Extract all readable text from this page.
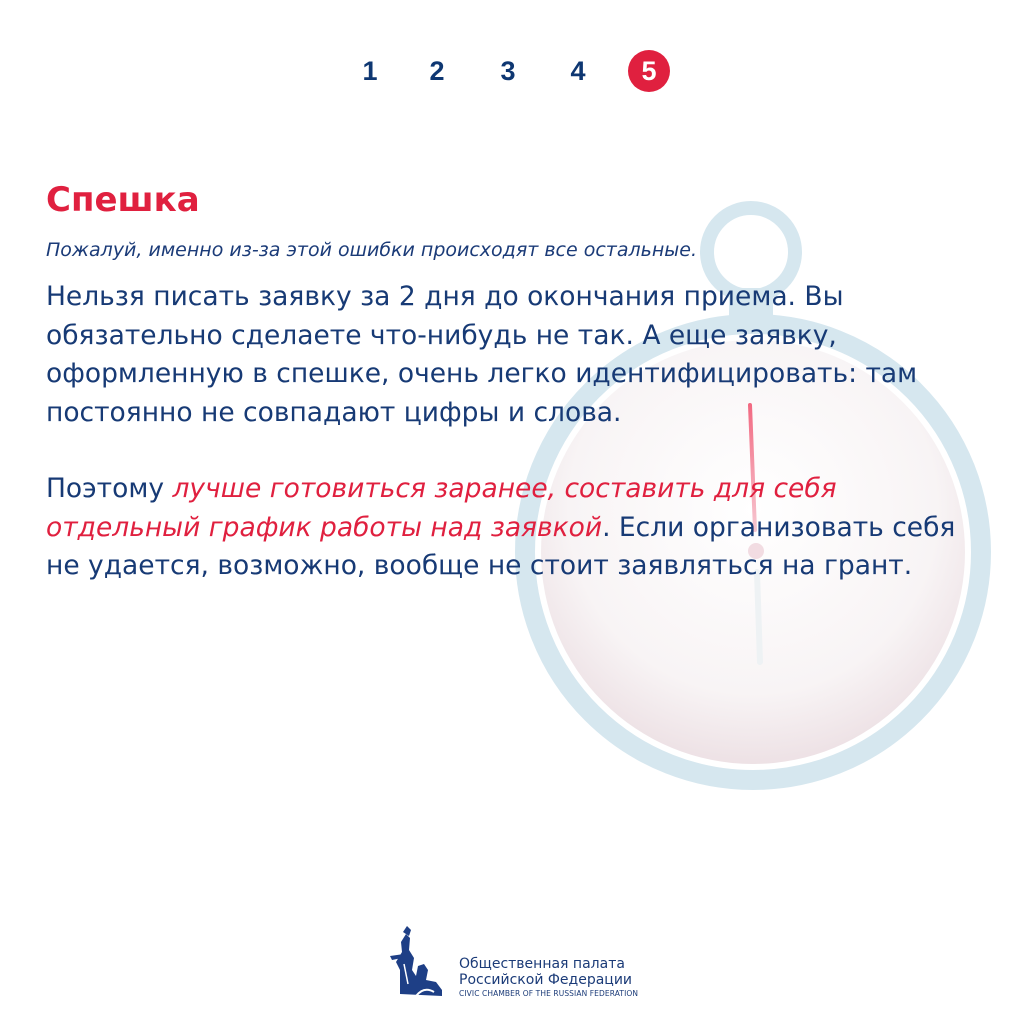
1	2	3	4	5
Спешка

Пожалуй, именно из-за этой ошибки происходят все остальные.

Нельзя писать заявку за 2 дня до окончания приема. Вы обязательно сделаете что-нибудь не так. А еще заявку, оформленную в спешке, очень легко идентифицировать: там постоянно не совпадают цифры и слова.

Поэтому лучше готовиться заранее, составить для себя отдельный график работы над заявкой. Если организовать себя не удается, возможно, вообще не стоит заявляться на грант.

Общественная палата
Российской Федерации
CIVIC CHAMBER OF THE RUSSIAN FEDERATION
